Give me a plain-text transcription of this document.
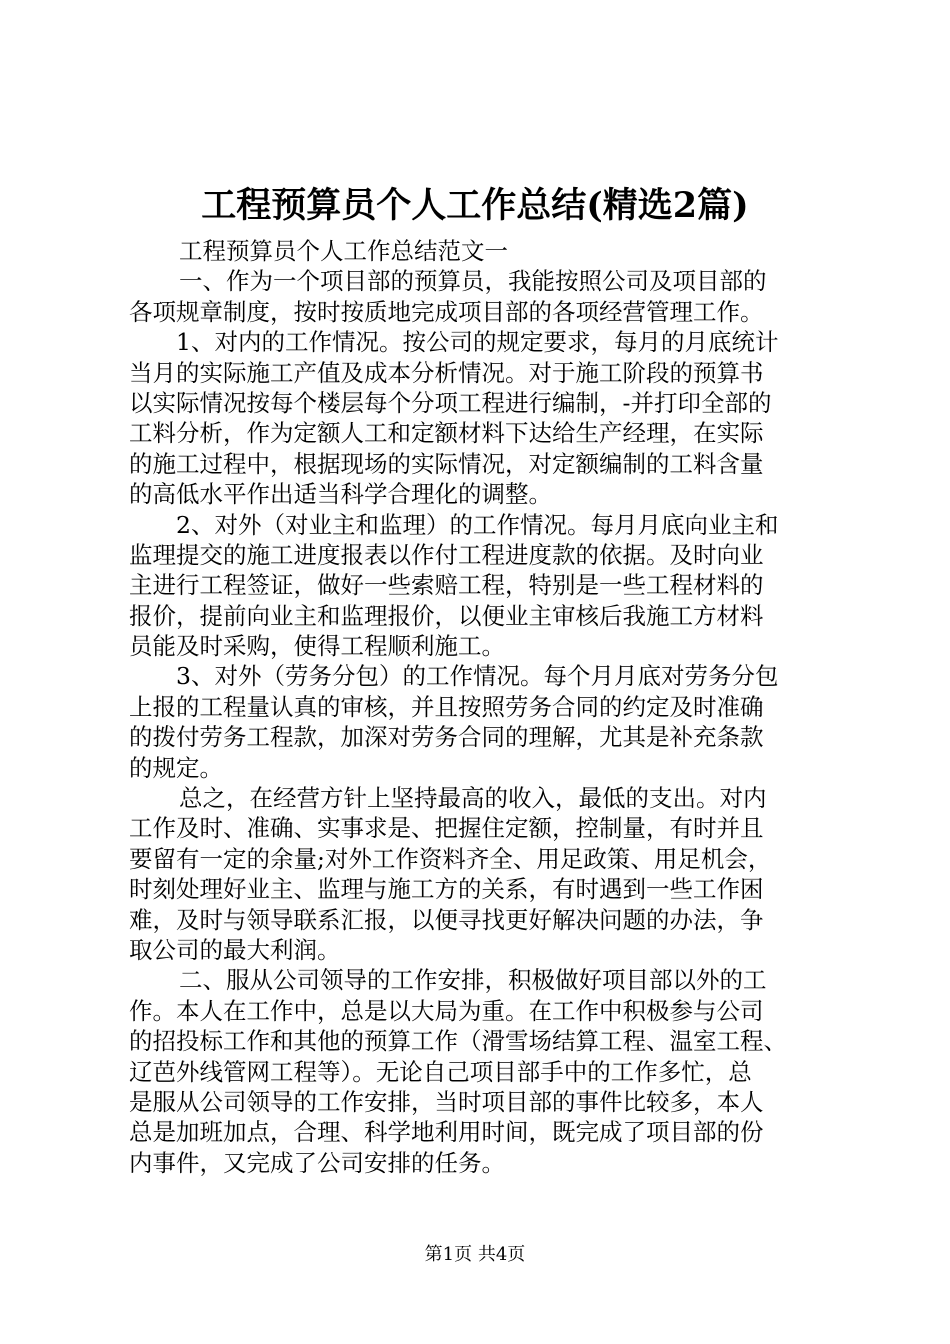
工程预算员个人工作总结(精选2篇)
工程预算员个人工作总结范文一
一、作为一个项目部的预算员，我能按照公司及项目部的
各项规章制度，按时按质地完成项目部的各项经营管理工作。
1、对内的工作情况。按公司的规定要求，每月的月底统计
当月的实际施工产值及成本分析情况。对于施工阶段的预算书
以实际情况按每个楼层每个分项工程进行编制，-并打印全部的
工料分析，作为定额人工和定额材料下达给生产经理，在实际
的施工过程中，根据现场的实际情况，对定额编制的工料含量
的高低水平作出适当科学合理化的调整。
2、对外（对业主和监理）的工作情况。每月月底向业主和
监理提交的施工进度报表以作付工程进度款的依据。及时向业
主进行工程签证，做好一些索赔工程，特别是一些工程材料的
报价，提前向业主和监理报价，以便业主审核后我施工方材料
员能及时采购，使得工程顺利施工。
3、对外（劳务分包）的工作情况。每个月月底对劳务分包
上报的工程量认真的审核，并且按照劳务合同的约定及时准确
的拨付劳务工程款，加深对劳务合同的理解，尤其是补充条款
的规定。
总之，在经营方针上坚持最高的收入，最低的支出。对内
工作及时、准确、实事求是、把握住定额，控制量，有时并且
要留有一定的余量;对外工作资料齐全、用足政策、用足机会，
时刻处理好业主、监理与施工方的关系，有时遇到一些工作困
难，及时与领导联系汇报，以便寻找更好解决问题的办法，争
取公司的最大利润。
二、服从公司领导的工作安排，积极做好项目部以外的工
作。本人在工作中，总是以大局为重。在工作中积极参与公司
的招投标工作和其他的预算工作（滑雪场结算工程、温室工程、
辽芭外线管网工程等）。无论自己项目部手中的工作多忙，总
是服从公司领导的工作安排，当时项目部的事件比较多，本人
总是加班加点，合理、科学地利用时间，既完成了项目部的份
内事件，又完成了公司安排的任务。
第1页 共4页
